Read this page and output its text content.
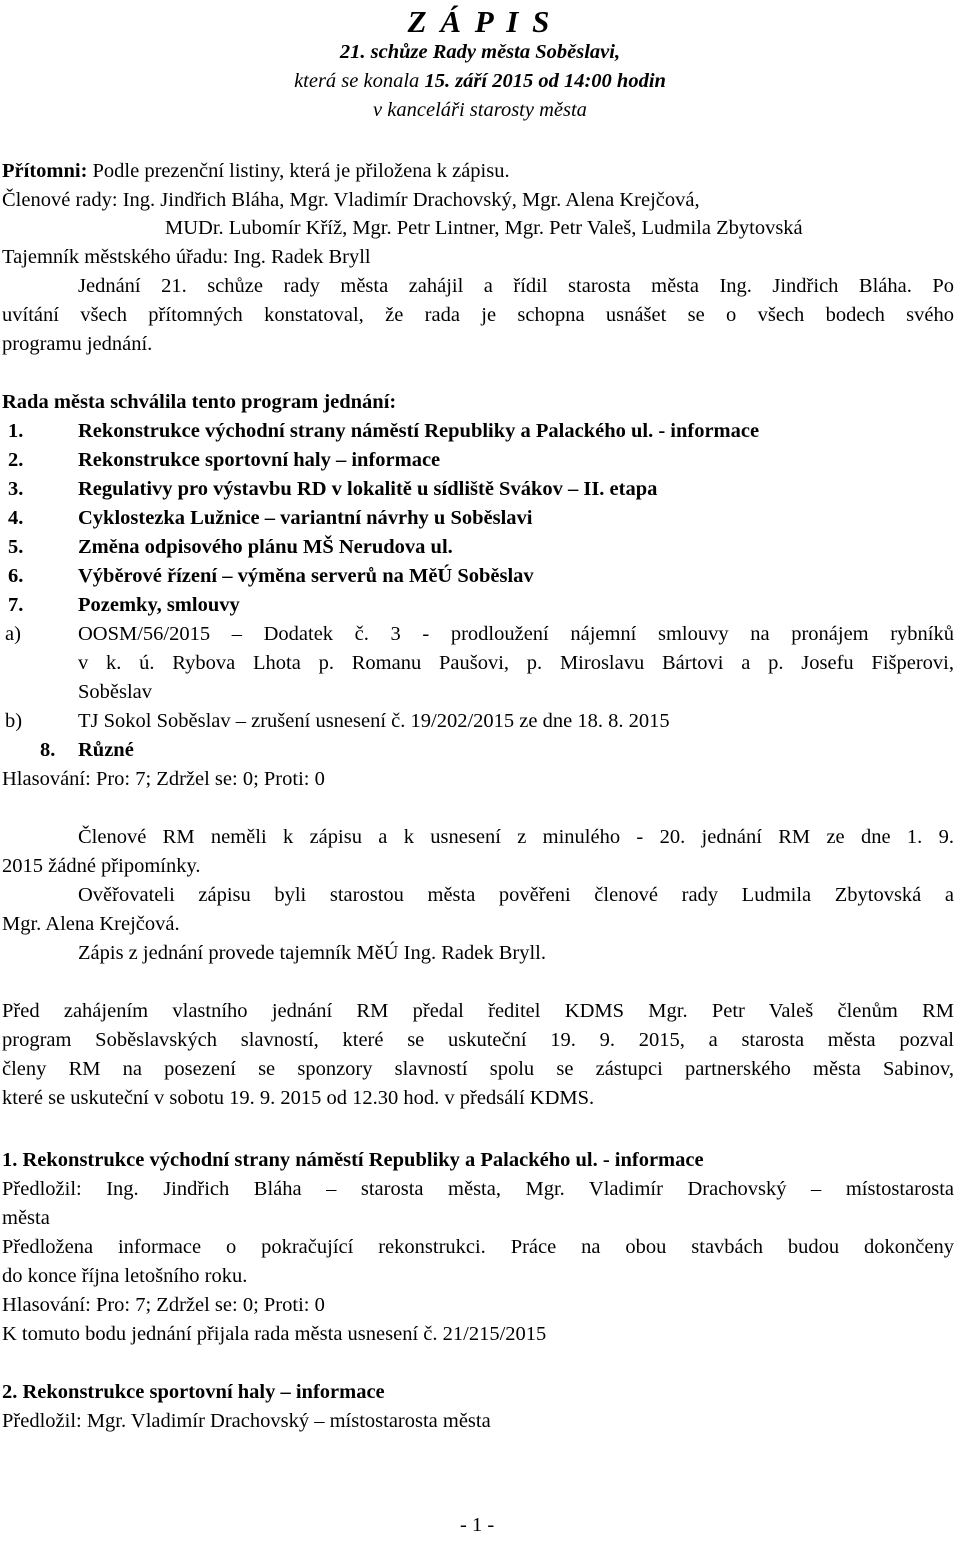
Z Á P I S
21. schůze Rady města Soběslavi,
která se konala 15. září 2015 od 14:00 hodin
v kanceláři starosty města
Přítomni: Podle prezenční listiny, která je přiložena k zápisu.
Členové rady: Ing. Jindřich Bláha, Mgr. Vladimír Drachovský, Mgr. Alena Krejčová,
MUDr. Lubomír Kříž, Mgr. Petr Lintner, Mgr. Petr Valeš, Ludmila Zbytovská
Tajemník městského úřadu: Ing. Radek Bryll
Jednání 21. schůze rady města zahájil a řídil starosta města Ing. Jindřich Bláha. Po
uvítání všech přítomných konstatoval, že rada je schopna usnášet se o všech bodech svého
programu jednání.
Rada města schválila tento program jednání:
1.	Rekonstrukce východní strany náměstí Republiky a Palackého ul. - informace
2.	Rekonstrukce sportovní haly – informace
3.	Regulativy pro výstavbu RD v lokalitě u sídliště Svákov – II. etapa
4.	Cyklostezka Lužnice – variantní návrhy u Soběslavi
5.	Změna odpisového plánu MŠ Nerudova ul.
6.	Výběrové řízení – výměna serverů na MěÚ Soběslav
7.	Pozemky, smlouvy
a)	OOSM/56/2015 – Dodatek č. 3 - prodloužení nájemní smlouvy na pronájem rybníků
v k. ú. Rybova Lhota p. Romanu Paušovi, p. Miroslavu Bártovi a p. Josefu Fišperovi,
Soběslav
b)	TJ Sokol Soběslav – zrušení usnesení č. 19/202/2015 ze dne 18. 8. 2015
8. Různé
Hlasování: Pro: 7; Zdržel se: 0; Proti: 0
Členové RM neměli k zápisu a k usnesení z minulého - 20. jednání RM ze dne 1. 9.
2015 žádné připomínky.
Ověřovateli zápisu byli starostou města pověřeni členové rady Ludmila Zbytovská a
Mgr. Alena Krejčová.
Zápis z jednání provede tajemník MěÚ Ing. Radek Bryll.
Před zahájením vlastního jednání RM předal ředitel KDMS Mgr. Petr Valeš členům RM
program Soběslavských slavností, které se uskuteční 19. 9. 2015, a starosta města pozval
členy RM na posezení se sponzory slavností spolu se zástupci partnerského města Sabinov,
které se uskuteční v sobotu 19. 9. 2015 od 12.30 hod. v předsálí KDMS.
1. Rekonstrukce východní strany náměstí Republiky a Palackého ul. - informace
Předložil: Ing. Jindřich Bláha – starosta města, Mgr. Vladimír Drachovský – místostarosta
města
Předložena informace o pokračující rekonstrukci. Práce na obou stavbách budou dokončeny
do konce října letošního roku.
Hlasování: Pro: 7; Zdržel se: 0; Proti: 0
K tomuto bodu jednání přijala rada města usnesení č. 21/215/2015
2. Rekonstrukce sportovní haly – informace
Předložil: Mgr. Vladimír Drachovský – místostarosta města
- 1 -
